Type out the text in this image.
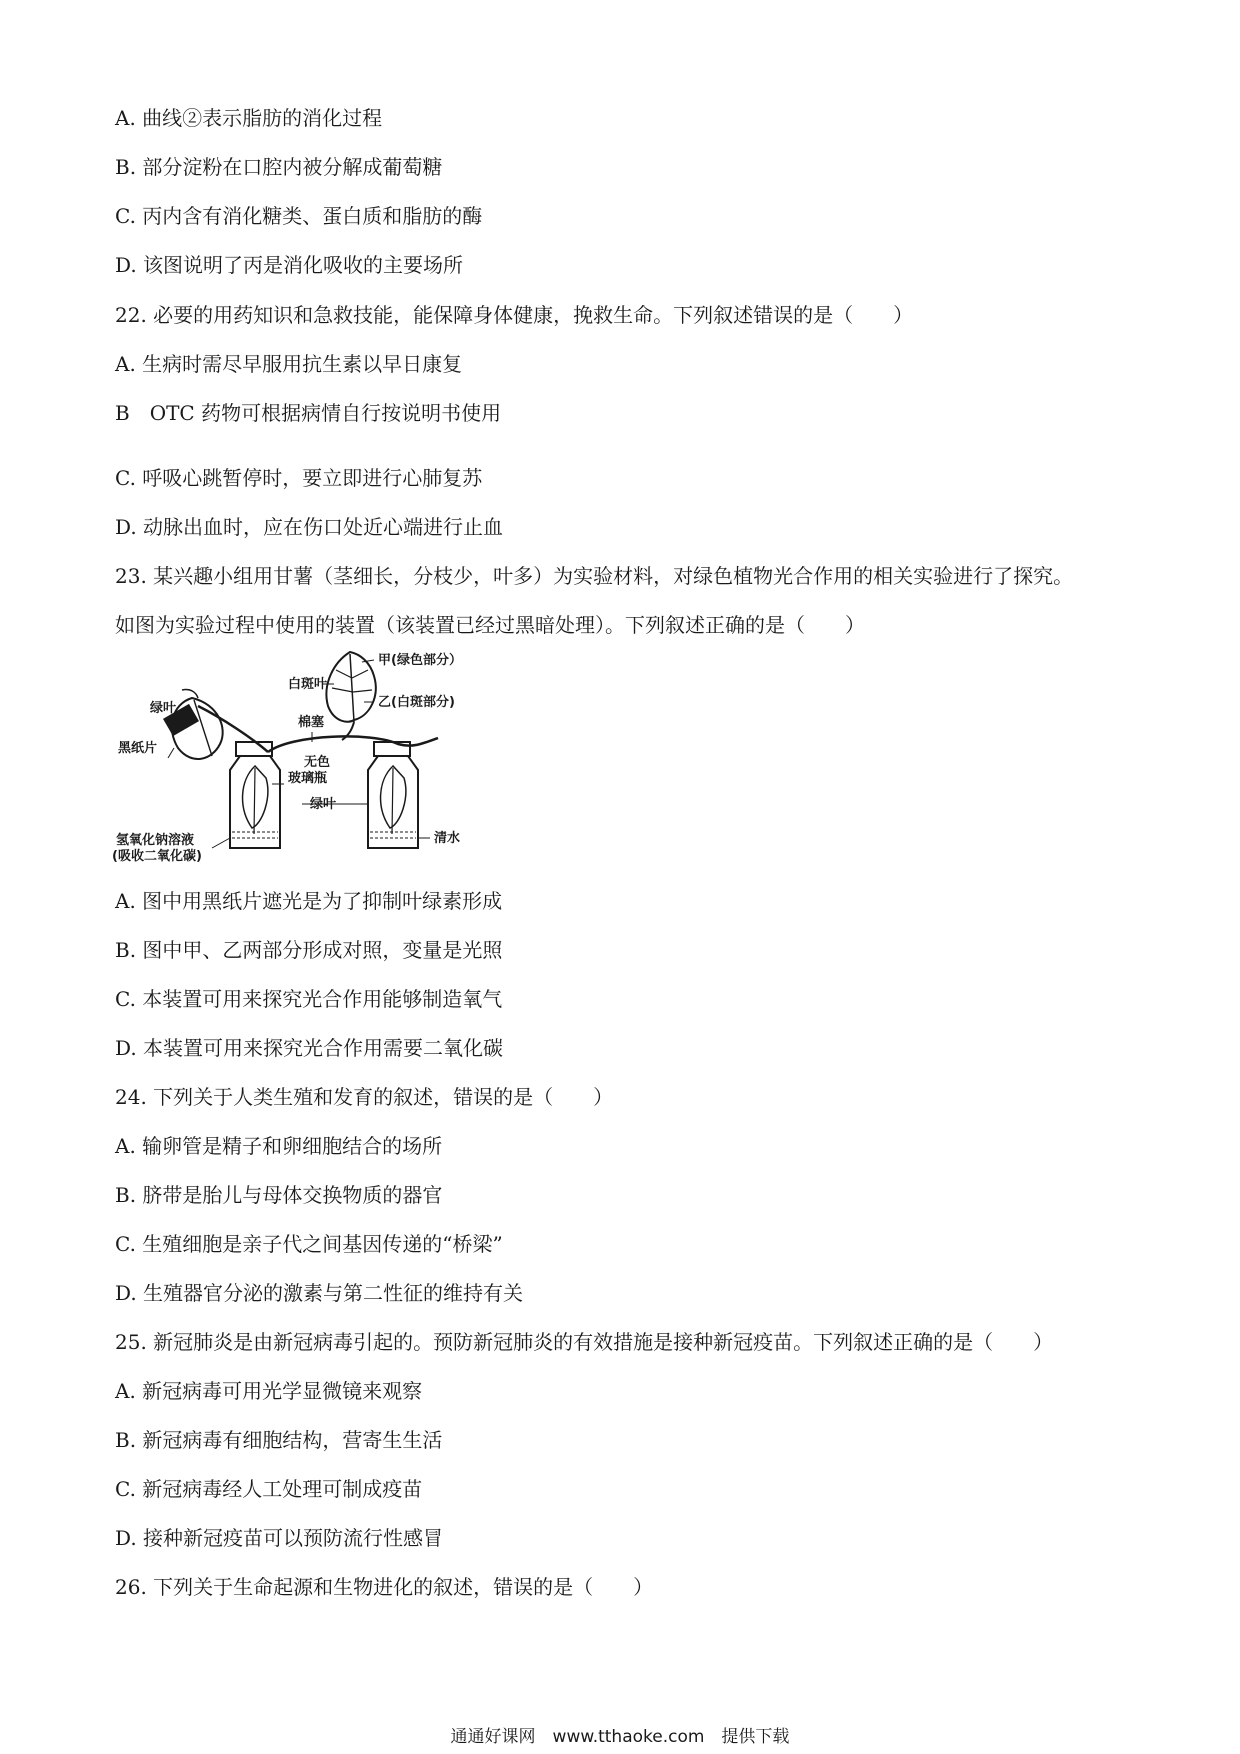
A. 曲线②表示脂肪的消化过程
B. 部分淀粉在口腔内被分解成葡萄糖
C. 丙内含有消化糖类、蛋白质和脂肪的酶
D. 该图说明了丙是消化吸收的主要场所
22. 必要的用药知识和急救技能，能保障身体健康，挽救生命。下列叙述错误的是（　　）
A. 生病时需尽早服用抗生素以早日康复
B　OTC 药物可根据病情自行按说明书使用
C. 呼吸心跳暂停时，要立即进行心肺复苏
D. 动脉出血时，应在伤口处近心端进行止血
23. 某兴趣小组用甘薯（茎细长，分枝少，叶多）为实验材料，对绿色植物光合作用的相关实验进行了探究。
如图为实验过程中使用的装置（该装置已经过黑暗处理）。下列叙述正确的是（　　）
甲(绿色部分）
白斑叶
乙(白斑部分)
绿叶
黑纸片
棉塞
无色
玻璃瓶
绿叶
氢氧化钠溶液
(吸收二氧化碳)
清水
A. 图中用黑纸片遮光是为了抑制叶绿素形成
B. 图中甲、乙两部分形成对照，变量是光照
C. 本装置可用来探究光合作用能够制造氧气
D. 本装置可用来探究光合作用需要二氧化碳
24. 下列关于人类生殖和发育的叙述，错误的是（　　）
A. 输卵管是精子和卵细胞结合的场所
B. 脐带是胎儿与母体交换物质的器官
C. 生殖细胞是亲子代之间基因传递的“桥梁”
D. 生殖器官分泌的激素与第二性征的维持有关
25. 新冠肺炎是由新冠病毒引起的。预防新冠肺炎的有效措施是接种新冠疫苗。下列叙述正确的是（　　）
A. 新冠病毒可用光学显微镜来观察
B. 新冠病毒有细胞结构，营寄生生活
C. 新冠病毒经人工处理可制成疫苗
D. 接种新冠疫苗可以预防流行性感冒
26. 下列关于生命起源和生物进化的叙述，错误的是（　　）
通通好课网　www.tthaoke.com　提供下载
